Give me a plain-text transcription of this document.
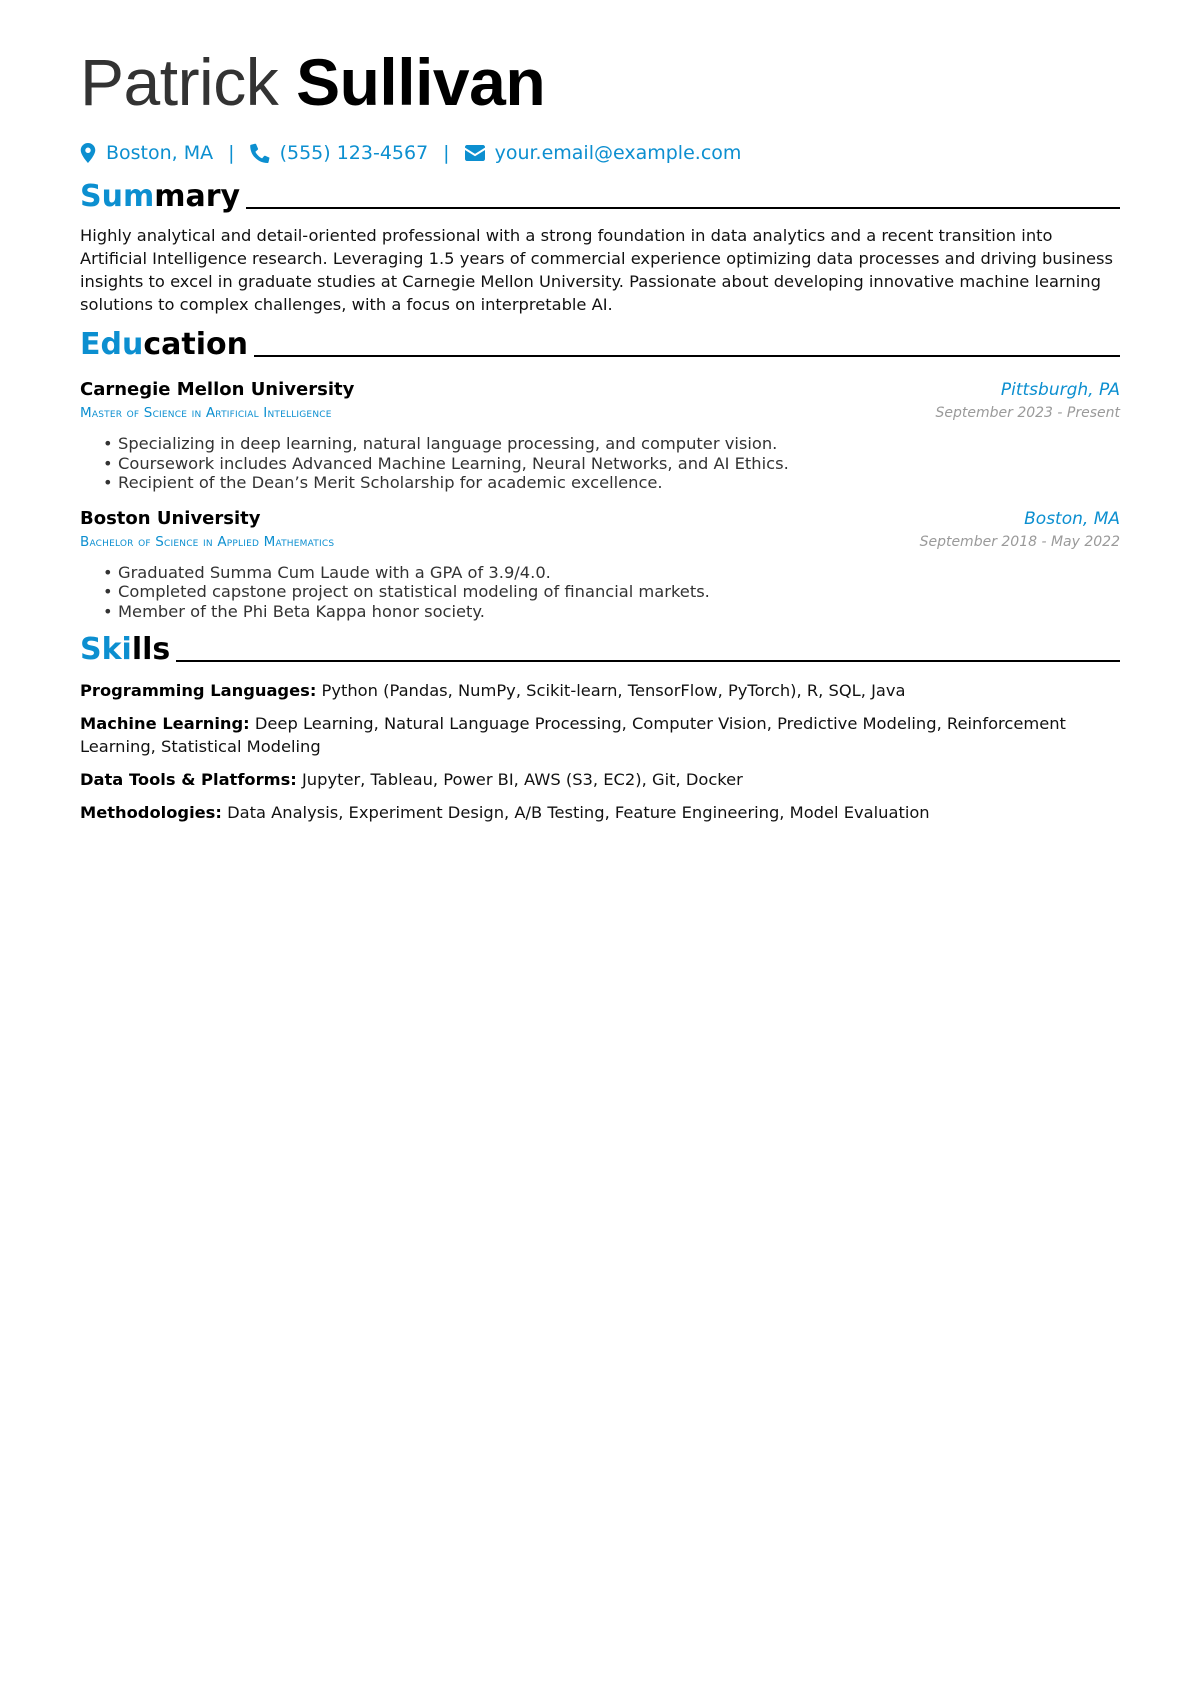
Patrick Sullivan
Boston, MA | (555) 123-4567 | your.email@example.com
Summary

Highly analytical and detail-oriented professional with a strong foundation in data analytics and a recent transition into Artificial Intelligence research. Leveraging 1.5 years of commercial experience optimizing data processes and driving business insights to excel in graduate studies at Carnegie Mellon University. Passionate about developing innovative machine learning solutions to complex challenges, with a focus on interpretable AI.

Education
Carnegie Mellon University	Pittsburgh, PA
Master of Science in Artificial Intelligence	September 2023 - Present
• Specializing in deep learning, natural language processing, and computer vision.
• Coursework includes Advanced Machine Learning, Neural Networks, and AI Ethics.
• Recipient of the Dean’s Merit Scholarship for academic excellence.
Boston University	Boston, MA
Bachelor of Science in Applied Mathematics	September 2018 - May 2022
• Graduated Summa Cum Laude with a GPA of 3.9/4.0.
• Completed capstone project on statistical modeling of financial markets.
• Member of the Phi Beta Kappa honor society.
Skills
Programming Languages: Python (Pandas, NumPy, Scikit-learn, TensorFlow, PyTorch), R, SQL, Java
Machine Learning: Deep Learning, Natural Language Processing, Computer Vision, Predictive Modeling, Reinforcement Learning, Statistical Modeling
Data Tools & Platforms: Jupyter, Tableau, Power BI, AWS (S3, EC2), Git, Docker
Methodologies: Data Analysis, Experiment Design, A/B Testing, Feature Engineering, Model Evaluation
